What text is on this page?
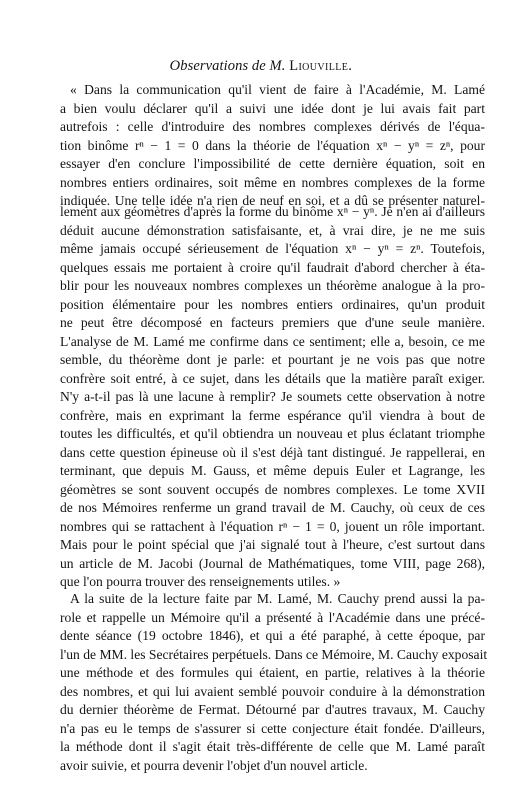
Observations de M. Liouville.
« Dans la communication qu'il vient de faire à l'Académie, M. Lamé
a bien voulu déclarer qu'il a suivi une idée dont je lui avais fait part
autrefois : celle d'introduire des nombres complexes dérivés de l'équa-
tion binôme rⁿ − 1 = 0 dans la théorie de l'équation xⁿ − yⁿ = zⁿ, pour
essayer d'en conclure l'impossibilité de cette dernière équation, soit en
nombres entiers ordinaires, soit même en nombres complexes de la forme
indiquée. Une telle idée n'a rien de neuf en soi, et a dû se présenter naturel-
lement aux géomètres d'après la forme du binôme xⁿ − yⁿ. Je n'en ai d'ailleurs
déduit aucune démonstration satisfaisante, et, à vrai dire, je ne me suis
même jamais occupé sérieusement de l'équation xⁿ − yⁿ = zⁿ. Toutefois,
quelques essais me portaient à croire qu'il faudrait d'abord chercher à éta-
blir pour les nouveaux nombres complexes un théorème analogue à la pro-
position élémentaire pour les nombres entiers ordinaires, qu'un produit
ne peut être décomposé en facteurs premiers que d'une seule manière.
L'analyse de M. Lamé me confirme dans ce sentiment; elle a, besoin, ce me
semble, du théorème dont je parle: et pourtant je ne vois pas que notre
confrère soit entré, à ce sujet, dans les détails que la matière paraît exiger.
N'y a-t-il pas là une lacune à remplir? Je soumets cette observation à notre
confrère, mais en exprimant la ferme espérance qu'il viendra à bout de
toutes les difficultés, et qu'il obtiendra un nouveau et plus éclatant triomphe
dans cette question épineuse où il s'est déjà tant distingué. Je rappellerai, en
terminant, que depuis M. Gauss, et même depuis Euler et Lagrange, les
géomètres se sont souvent occupés de nombres complexes. Le tome XVII
de nos Mémoires renferme un grand travail de M. Cauchy, où ceux de ces
nombres qui se rattachent à l'équation rⁿ − 1 = 0, jouent un rôle important.
Mais pour le point spécial que j'ai signalé tout à l'heure, c'est surtout dans
un article de M. Jacobi (Journal de Mathématiques, tome VIII, page 268),
que l'on pourra trouver des renseignements utiles. »
A la suite de la lecture faite par M. Lamé, M. Cauchy prend aussi la pa-
role et rappelle un Mémoire qu'il a présenté à l'Académie dans une précé-
dente séance (19 octobre 1846), et qui a été paraphé, à cette époque, par
l'un de MM. les Secrétaires perpétuels. Dans ce Mémoire, M. Cauchy exposait
une méthode et des formules qui étaient, en partie, relatives à la théorie
des nombres, et qui lui avaient semblé pouvoir conduire à la démonstration
du dernier théorème de Fermat. Détourné par d'autres travaux, M. Cauchy
n'a pas eu le temps de s'assurer si cette conjecture était fondée. D'ailleurs,
la méthode dont il s'agit était très-différente de celle que M. Lamé paraît
avoir suivie, et pourra devenir l'objet d'un nouvel article.
